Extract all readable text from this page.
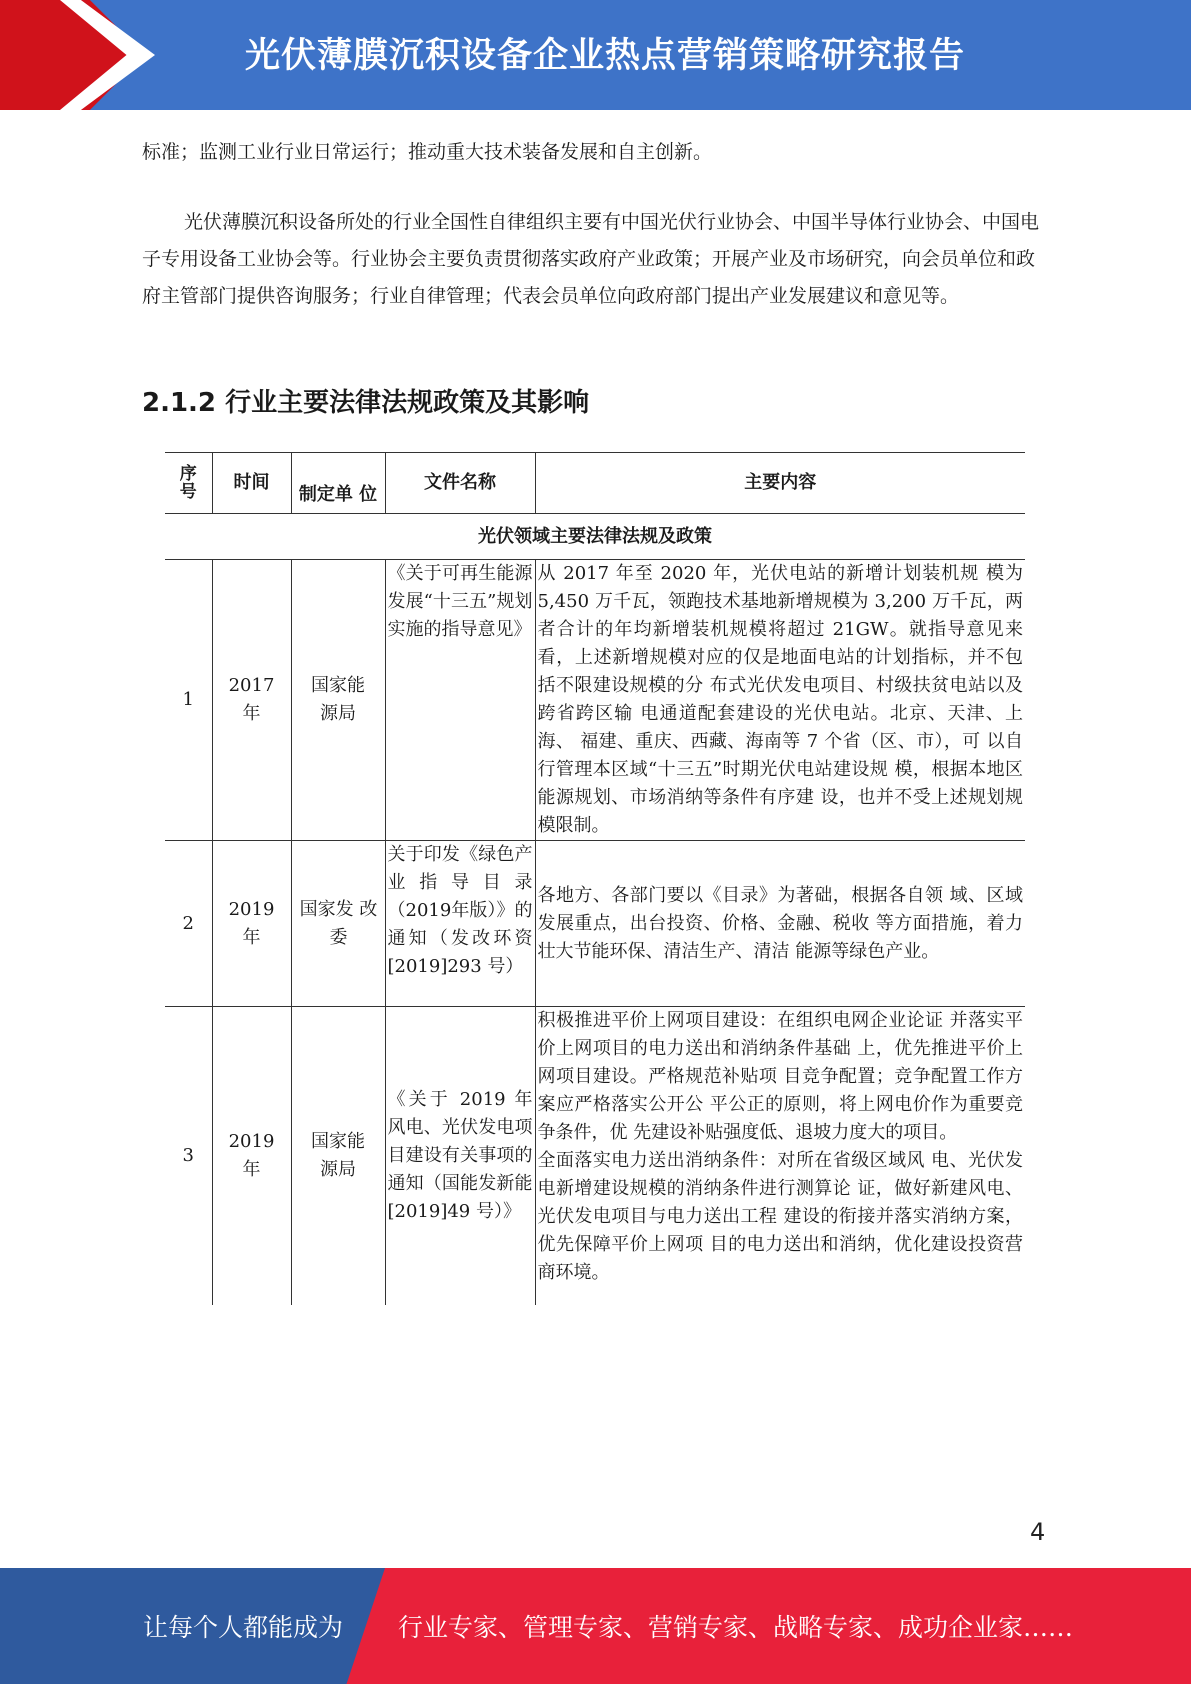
光伏薄膜沉积设备企业热点营销策略研究报告

标准；监测工业行业日常运行；推动重大技术装备发展和自主创新。

光伏薄膜沉积设备所处的行业全国性自律组织主要有中国光伏行业协会、中国半导体行业协会、中国电子专用设备工业协会等。行业协会主要负责贯彻落实政府产业政策；开展产业及市场研究，向会员单位和政府主管部门提供咨询服务；行业自律管理；代表会员单位向政府部门提出产业发展建议和意见等。

2.1.2 行业主要法律法规政策及其影响
序号	时间	制定单 位	文件名称	主要内容
光伏领域主要法律法规及政策				
1	2017年	国家能源局	《关于可再生能源发展“十三五”规划实施的指导意见》	从 2017 年至 2020 年，光伏电站的新增计划装机规 模为 5,450 万千瓦，领跑技术基地新增规模为 3,200 万千瓦，两者合计的年均新增装机规模将超过 21GW。就指导意见来看，上述新增规模对应的仅是地面电站的计划指标，并不包括不限建设规模的分 布式光伏发电项目、村级扶贫电站以及跨省跨区输 电通道配套建设的光伏电站。北京、天津、上海、 福建、重庆、西藏、海南等 7 个省（区、市），可 以自行管理本区域“十三五”时期光伏电站建设规 模，根据本地区能源规划、市场消纳等条件有序建 设，也并不受上述规划规模限制。

2	2019年	国家发 改委	关于印发《绿色产业指导目录（2019年版）》的通知（发改环资[2019]293 号）	各地方、各部门要以《目录》为著础，根据各自领 域、区域发展重点，出台投资、价格、金融、税收 等方面措施，着力壮大节能环保、清洁生产、清洁 能源等绿色产业。

3	2019年	国家能源局	《关于 2019 年风电、光伏发电项目建设有关事项的通知（国能发新能[2019]49 号）》	积极推进平价上网项目建设：在组织电网企业论证 并落实平价上网项目的电力送出和消纳条件基础 上，优先推进平价上网项目建设。严格规范补贴项 目竞争配置；竞争配置工作方案应严格落实公开公 平公正的原则，将上网电价作为重要竞争条件，优 先建设补贴强度低、退坡力度大的项目。
全面落实电力送出消纳条件：对所在省级区域风 电、光伏发电新增建设规模的消纳条件进行测算论 证，做好新建风电、光伏发电项目与电力送出工程 建设的衔接并落实消纳方案，优先保障平价上网项 目的电力送出和消纳，优化建设投资营商环境。
4
让每个人都能成为 行业专家、管理专家、营销专家、战略专家、成功企业家……
